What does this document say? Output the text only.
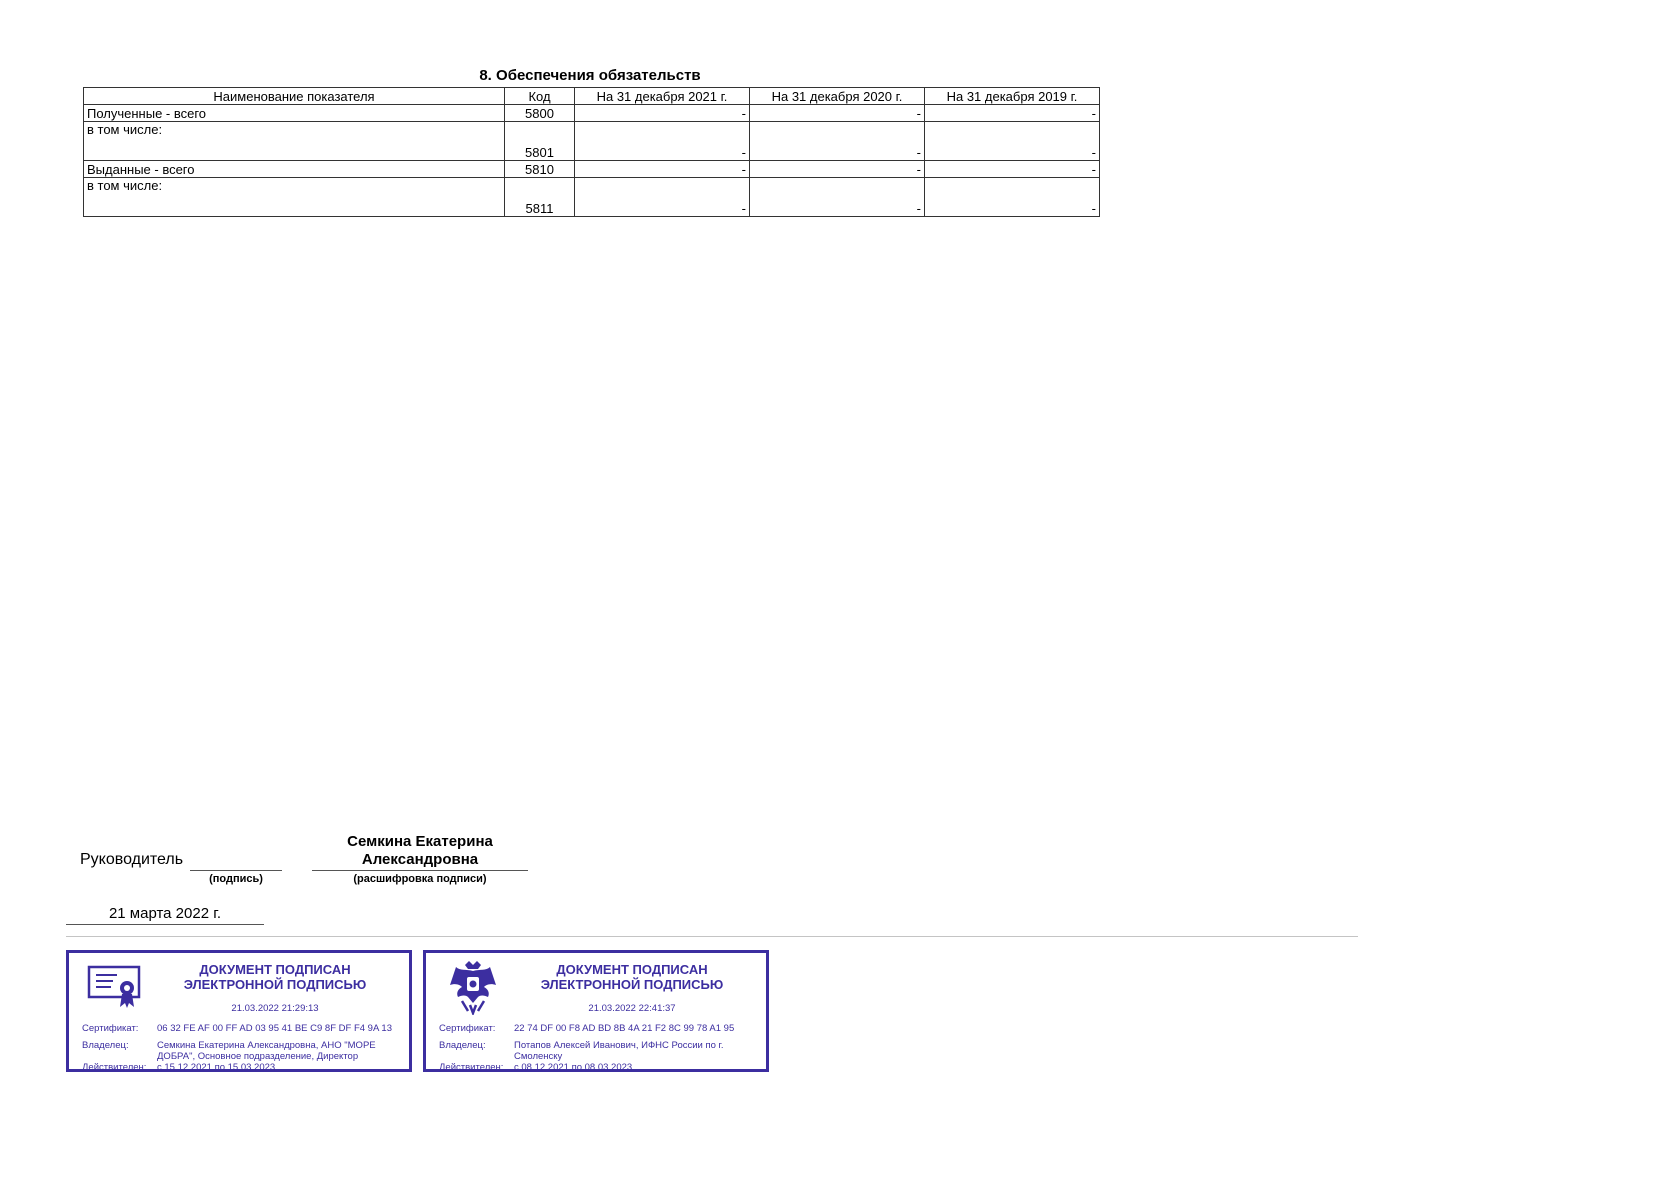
8. Обеспечения обязательств
Наименование показателя	Код	На 31 декабря 2021 г.	На 31 декабря 2020 г.	На 31 декабря 2019 г.
Полученные - всего	5800	-	-	-
в том числе:	5801	-	-	-
Выданные - всего	5810	-	-	-
в том числе:	5811	-	-	-
Руководитель
(подпись)
Семкина Екатерина
Александровна
(расшифровка подписи)
21 марта 2022 г.
ДОКУМЕНТ ПОДПИСАН
ЭЛЕКТРОННОЙ ПОДПИСЬЮ
21.03.2022 21:29:13
Сертификат: 06 32 FE AF 00 FF AD 03 95 41 BE C9 8F DF F4 9A 13
Владелец:	Семкина Екатерина Александровна, АНО "МОРЕ ДОБРА", Основное подразделение, Директор
Действителен: с 15.12.2021 по 15.03.2023
ДОКУМЕНТ ПОДПИСАН
ЭЛЕКТРОННОЙ ПОДПИСЬЮ
21.03.2022 22:41:37
Сертификат: 22 74 DF 00 F8 AD BD 8B 4A 21 F2 8C 99 78 A1 95
Владелец:	Потапов Алексей Иванович, ИФНС России по г. Смоленску
Действителен: с 08.12.2021 по 08.03.2023
